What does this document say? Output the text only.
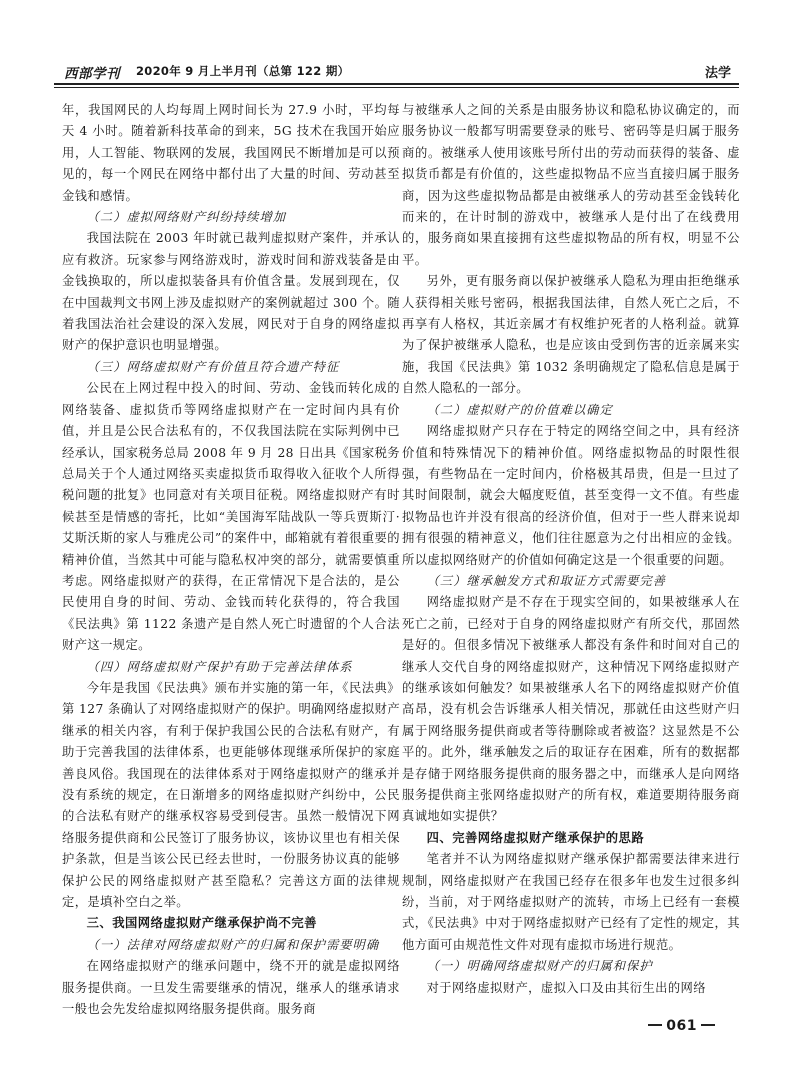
西部学刊 2020年 9 月上半月刊（总第 122 期）	法学

年，我国网民的人均每周上网时间长为 27.9 小时，平均每天 4 小时。随着新科技革命的到来，5G 技术在我国开始应用，人工智能、物联网的发展，我国网民不断增加是可以预见的，每一个网民在网络中都付出了大量的时间、劳动甚至金钱和感情。

（二）虚拟网络财产纠纷持续增加

我国法院在 2003 年时就已裁判虚拟财产案件，并承认应有救济。玩家参与网络游戏时，游戏时间和游戏装备是由金钱换取的，所以虚拟装备具有价值含量。发展到现在，仅在中国裁判文书网上涉及虚拟财产的案例就超过 300 个。随着我国法治社会建设的深入发展，网民对于自身的网络虚拟财产的保护意识也明显增强。

（三）网络虚拟财产有价值且符合遗产特征

公民在上网过程中投入的时间、劳动、金钱而转化成的网络装备、虚拟货币等网络虚拟财产在一定时间内具有价值，并且是公民合法私有的，不仅我国法院在实际判例中已经承认，国家税务总局 2008 年 9 月 28 日出具《国家税务总局关于个人通过网络买卖虚拟货币取得收入征收个人所得税问题的批复》也同意对有关项目征税。网络虚拟财产有时候甚至是情感的寄托，比如“美国海军陆战队一等兵贾斯汀·艾斯沃斯的家人与雅虎公司”的案件中，邮箱就有着很重要的精神价值，当然其中可能与隐私权冲突的部分，就需要慎重考虑。网络虚拟财产的获得，在正常情况下是合法的，是公民使用自身的时间、劳动、金钱而转化获得的，符合我国《民法典》第 1122 条遗产是自然人死亡时遗留的个人合法财产这一规定。

（四）网络虚拟财产保护有助于完善法律体系

今年是我国《民法典》颁布并实施的第一年，《民法典》第 127 条确认了对网络虚拟财产的保护。明确网络虚拟财产继承的相关内容，有利于保护我国公民的合法私有财产，有助于完善我国的法律体系，也更能够体现继承所保护的家庭善良风俗。我国现在的法律体系对于网络虚拟财产的继承并没有系统的规定，在日渐增多的网络虚拟财产纠纷中，公民的合法私有财产的继承权容易受到侵害。虽然一般情况下网络服务提供商和公民签订了服务协议，该协议里也有相关保护条款，但是当该公民已经去世时，一份服务协议真的能够保护公民的网络虚拟财产甚至隐私？完善这方面的法律规定，是填补空白之举。

三、我国网络虚拟财产继承保护尚不完善
（一）法律对网络虚拟财产的归属和保护需要明确

在网络虚拟财产的继承问题中，绕不开的就是虚拟网络服务提供商。一旦发生需要继承的情况，继承人的继承请求一般也会先发给虚拟网络服务提供商。服务商

与被继承人之间的关系是由服务协议和隐私协议确定的，而服务协议一般都写明需要登录的账号、密码等是归属于服务商的。被继承人使用该账号所付出的劳动而获得的装备、虚拟货币都是有价值的，这些虚拟物品不应当直接归属于服务商，因为这些虚拟物品都是由被继承人的劳动甚至金钱转化而来的，在计时制的游戏中，被继承人是付出了在线费用的，服务商如果直接拥有这些虚拟物品的所有权，明显不公平。

另外，更有服务商以保护被继承人隐私为理由拒绝继承人获得相关账号密码，根据我国法律，自然人死亡之后，不再享有人格权，其近亲属才有权维护死者的人格利益。就算为了保护被继承人隐私，也是应该由受到伤害的近亲属来实施，我国《民法典》第 1032 条明确规定了隐私信息是属于自然人隐私的一部分。

（二）虚拟财产的价值难以确定

网络虚拟财产只存在于特定的网络空间之中，具有经济价值和特殊情况下的精神价值。网络虚拟物品的时限性很强，有些物品在一定时间内，价格极其昂贵，但是一旦过了其时间限制，就会大幅度贬值，甚至变得一文不值。有些虚拟物品也许并没有很高的经济价值，但对于一些人群来说却拥有很强的精神意义，他们往往愿意为之付出相应的金钱。所以虚拟网络财产的价值如何确定这是一个很重要的问题。

（三）继承触发方式和取证方式需要完善

网络虚拟财产是不存在于现实空间的，如果被继承人在死亡之前，已经对于自身的网络虚拟财产有所交代，那固然是好的。但很多情况下被继承人都没有条件和时间对自己的继承人交代自身的网络虚拟财产，这种情况下网络虚拟财产的继承该如何触发？如果被继承人名下的网络虚拟财产价值高昂，没有机会告诉继承人相关情况，那就任由这些财产归属于网络服务提供商或者等待删除或者被盗？这显然是不公平的。此外，继承触发之后的取证存在困难，所有的数据都是存储于网络服务提供商的服务器之中，而继承人是向网络服务提供商主张网络虚拟财产的所有权，难道要期待服务商真诚地如实提供？

四、完善网络虚拟财产继承保护的思路

笔者并不认为网络虚拟财产继承保护都需要法律来进行规制，网络虚拟财产在我国已经存在很多年也发生过很多纠纷，当前，对于网络虚拟财产的流转，市场上已经有一套模式，《民法典》中对于网络虚拟财产已经有了定性的规定，其他方面可由规范性文件对现有虚拟市场进行规范。

（一）明确网络虚拟财产的归属和保护

对于网络虚拟财产，虚拟入口及由其衍生出的网络

061
